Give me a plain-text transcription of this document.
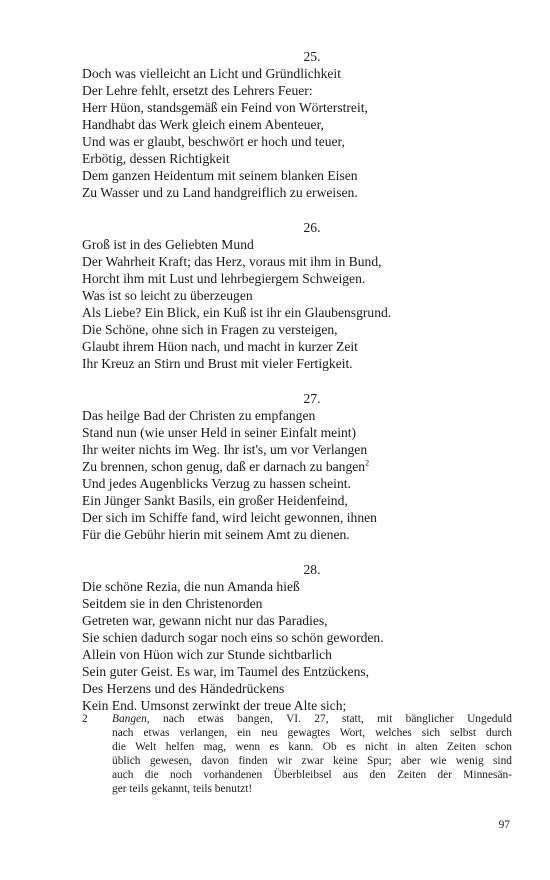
25.
Doch was vielleicht an Licht und Gründlichkeit
Der Lehre fehlt, ersetzt des Lehrers Feuer:
Herr Hüon, standsgemäß ein Feind von Wörterstreit,
Handhabt das Werk gleich einem Abenteuer,
Und was er glaubt, beschwört er hoch und teuer,
Erbötig, dessen Richtigkeit
Dem ganzen Heidentum mit seinem blanken Eisen
Zu Wasser und zu Land handgreiflich zu erweisen.
26.
Groß ist in des Geliebten Mund
Der Wahrheit Kraft; das Herz, voraus mit ihm in Bund,
Horcht ihm mit Lust und lehrbegiergem Schweigen.
Was ist so leicht zu überzeugen
Als Liebe? Ein Blick, ein Kuß ist ihr ein Glaubensgrund.
Die Schöne, ohne sich in Fragen zu versteigen,
Glaubt ihrem Hüon nach, und macht in kurzer Zeit
Ihr Kreuz an Stirn und Brust mit vieler Fertigkeit.
27.
Das heilge Bad der Christen zu empfangen
Stand nun (wie unser Held in seiner Einfalt meint)
Ihr weiter nichts im Weg. Ihr ist's, um vor Verlangen
Zu brennen, schon genug, daß er darnach zu bangen$^2$
Und jedes Augenblicks Verzug zu hassen scheint.
Ein Jünger Sankt Basils, ein großer Heidenfeind,
Der sich im Schiffe fand, wird leicht gewonnen, ihnen
Für die Gebühr hierin mit seinem Amt zu dienen.
28.
Die schöne Rezia, die nun Amanda hieß
Seitdem sie in den Christenorden
Getreten war, gewann nicht nur das Paradies,
Sie schien dadurch sogar noch eins so schön geworden.
Allein von Hüon wich zur Stunde sichtbarlich
Sein guter Geist. Es war, im Taumel des Entzückens,
Des Herzens und des Händedrückens
Kein End. Umsonst zerwinkt der treue Alte sich;
2 Bangen, nach etwas bangen, VI. 27, statt, mit bänglicher Ungeduld
nach etwas verlangen, ein neu gewagtes Wort, welches sich selbst durch
die Welt helfen mag, wenn es kann. Ob es nicht in alten Zeiten schon
üblich gewesen, davon finden wir zwar keine Spur; aber wie wenig sind
auch die noch vorhandenen Überbleibsel aus den Zeiten der Minnesän-
ger teils gekannt, teils benutzt!
97
